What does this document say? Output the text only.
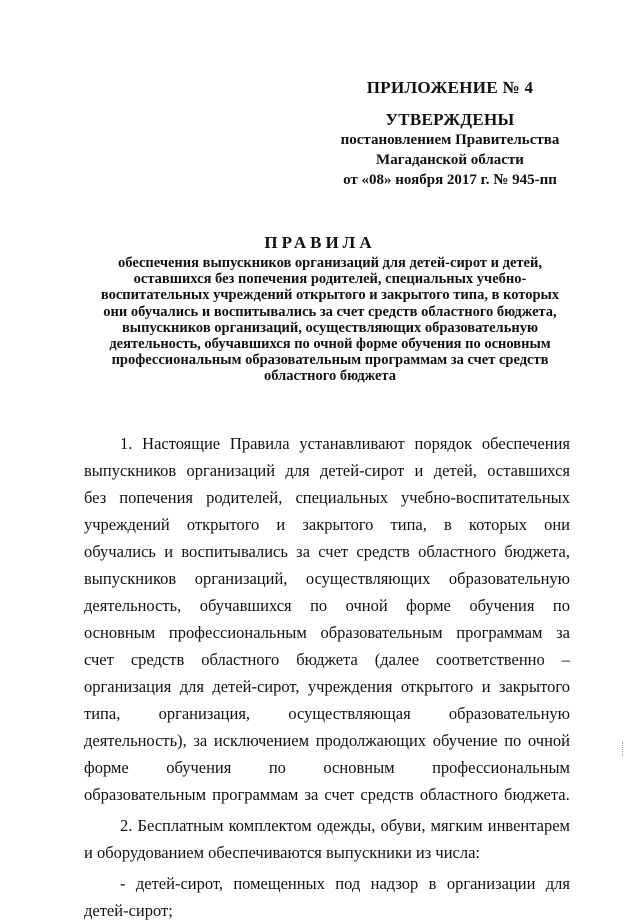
ПРИЛОЖЕНИЕ № 4
УТВЕРЖДЕНЫ
постановлением Правительства
Магаданской области
от «08» ноября 2017 г. № 945-пп
ПРАВИЛА
обеспечения выпускников организаций для детей-сирот и детей,
оставшихся без попечения родителей, специальных учебно-
воспитательных учреждений открытого и закрытого типа, в которых
они обучались и воспитывались за счет средств областного бюджета,
выпускников организаций, осуществляющих образовательную
деятельность, обучавшихся по очной форме обучения по основным
профессиональным образовательным программам за счет средств
областного бюджета

1. Настоящие Правила устанавливают порядок обеспечения выпускников организаций для детей-сирот и детей, оставшихся без попечения родителей, специальных учебно-воспитательных учреждений открытого и закрытого типа, в которых они обучались и воспитывались за счет средств областного бюджета, выпускников организаций, осуществляющих образовательную деятельность, обучавшихся по очной форме обучения по основным профессиональным образовательным программам за счет средств областного бюджета (далее соответственно – организация для детей-сирот, учреждения открытого и закрытого типа, организация, осуществляющая образовательную деятельность), за исключением продолжающих обучение по очной форме обучения по основным профессиональным образовательным программам за счет средств областного бюджета.

2. Бесплатным комплектом одежды, обуви, мягким инвентарем и оборудованием обеспечиваются выпускники из числа:

- детей-сирот, помещенных под надзор в организации для детей-сирот;
